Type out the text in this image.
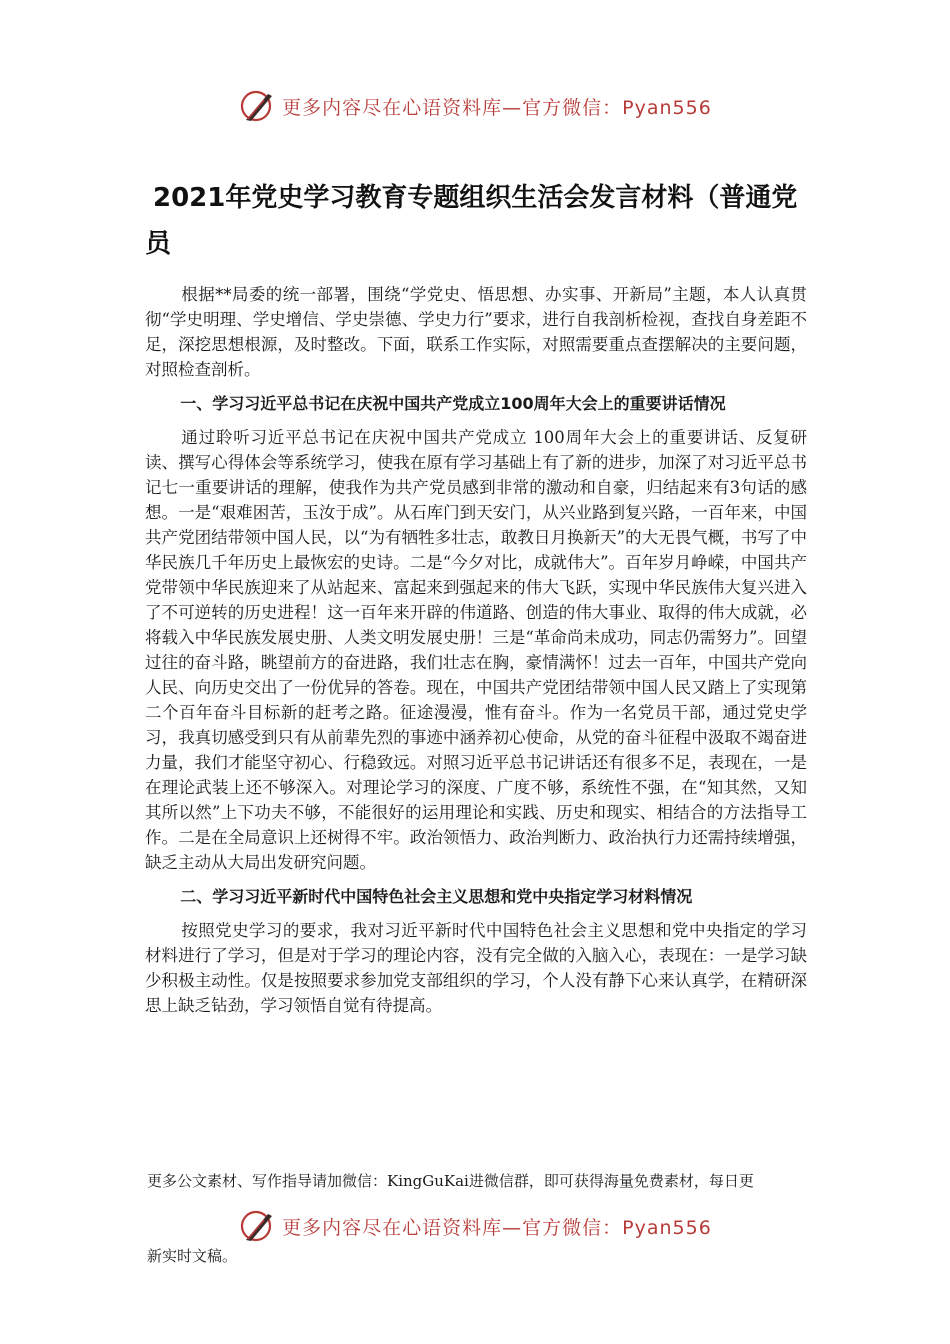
更多内容尽在心语资料库—官方微信：Pyan556
2021年党史学习教育专题组织生活会发言材料（普通党员

根据**局委的统一部署，围绕“学党史、悟思想、办实事、开新局”主题，本人认真贯彻“学史明理、学史增信、学史崇德、学史力行”要求，进行自我剖析检视，查找自身差距不足，深挖思想根源，及时整改。下面，联系工作实际，对照需要重点查摆解决的主要问题，对照检查剖析。

一、学习习近平总书记在庆祝中国共产党成立100周年大会上的重要讲话情况

通过聆听习近平总书记在庆祝中国共产党成立 100周年大会上的重要讲话、反复研读、撰写心得体会等系统学习，使我在原有学习基础上有了新的进步，加深了对习近平总书记七一重要讲话的理解，使我作为共产党员感到非常的激动和自豪，归结起来有3句话的感想。一是“艰难困苦，玉汝于成”。从石库门到天安门，从兴业路到复兴路，一百年来，中国共产党团结带领中国人民，以“为有牺牲多壮志，敢教日月换新天”的大无畏气概，书写了中华民族几千年历史上最恢宏的史诗。二是“今夕对比，成就伟大”。百年岁月峥嵘，中国共产党带领中华民族迎来了从站起来、富起来到强起来的伟大飞跃，实现中华民族伟大复兴进入了不可逆转的历史进程！这一百年来开辟的伟道路、创造的伟大事业、取得的伟大成就，必将载入中华民族发展史册、人类文明发展史册！三是“革命尚未成功，同志仍需努力”。回望过往的奋斗路，眺望前方的奋进路，我们壮志在胸，豪情满怀！过去一百年，中国共产党向人民、向历史交出了一份优异的答卷。现在，中国共产党团结带领中国人民又踏上了实现第二个百年奋斗目标新的赶考之路。征途漫漫，惟有奋斗。作为一名党员干部，通过党史学习，我真切感受到只有从前辈先烈的事迹中涵养初心使命，从党的奋斗征程中汲取不竭奋进力量，我们才能坚守初心、行稳致远。对照习近平总书记讲话还有很多不足，表现在，一是在理论武装上还不够深入。对理论学习的深度、广度不够，系统性不强，在“知其然，又知其所以然”上下功夫不够，不能很好的运用理论和实践、历史和现实、相结合的方法指导工作。二是在全局意识上还树得不牢。政治领悟力、政治判断力、政治执行力还需持续增强，缺乏主动从大局出发研究问题。

二、学习习近平新时代中国特色社会主义思想和党中央指定学习材料情况

按照党史学习的要求，我对习近平新时代中国特色社会主义思想和党中央指定的学习材料进行了学习，但是对于学习的理论内容，没有完全做的入脑入心，表现在：一是学习缺少积极主动性。仅是按照要求参加党支部组织的学习，个人没有静下心来认真学，在精研深思上缺乏钻劲，学习领悟自觉有待提高。

更多公文素材、写作指导请加微信：KingGuKai进微信群，即可获得海量免费素材，每日更
更多内容尽在心语资料库—官方微信：Pyan556
新实时文稿。
